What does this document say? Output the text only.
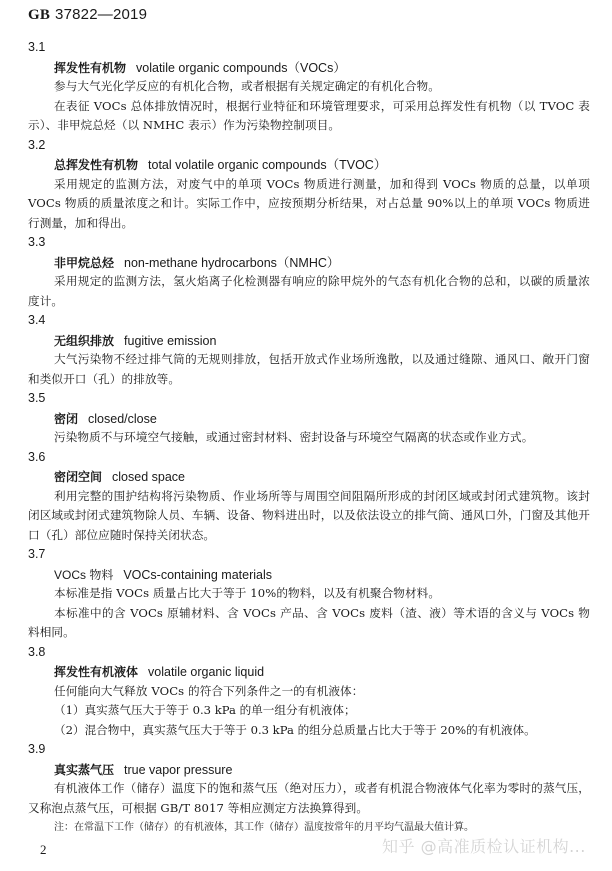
GB 37822—2019
3.1
挥发性有机物 volatile organic compounds（VOCs）
参与大气光化学反应的有机化合物，或者根据有关规定确定的有机化合物。
在表征 VOCs 总体排放情况时，根据行业特征和环境管理要求，可采用总挥发性有机物（以 TVOC 表示）、非甲烷总烃（以 NMHC 表示）作为污染物控制项目。
3.2
总挥发性有机物 total volatile organic compounds（TVOC）
采用规定的监测方法，对废气中的单项 VOCs 物质进行测量，加和得到 VOCs 物质的总量，以单项 VOCs 物质的质量浓度之和计。实际工作中，应按预期分析结果，对占总量 90%以上的单项 VOCs 物质进行测量，加和得出。
3.3
非甲烷总烃 non-methane hydrocarbons（NMHC）
采用规定的监测方法，氢火焰离子化检测器有响应的除甲烷外的气态有机化合物的总和，以碳的质量浓度计。
3.4
无组织排放 fugitive emission
大气污染物不经过排气筒的无规则排放，包括开放式作业场所逸散，以及通过缝隙、通风口、敞开门窗和类似开口（孔）的排放等。
3.5
密闭 closed/close
污染物质不与环境空气接触，或通过密封材料、密封设备与环境空气隔离的状态或作业方式。
3.6
密闭空间 closed space
利用完整的围护结构将污染物质、作业场所等与周围空间阻隔所形成的封闭区域或封闭式建筑物。该封闭区域或封闭式建筑物除人员、车辆、设备、物料进出时，以及依法设立的排气筒、通风口外，门窗及其他开口（孔）部位应随时保持关闭状态。
3.7
VOCs 物料 VOCs-containing materials
本标准是指 VOCs 质量占比大于等于 10%的物料，以及有机聚合物材料。
本标准中的含 VOCs 原辅材料、含 VOCs 产品、含 VOCs 废料（渣、液）等术语的含义与 VOCs 物料相同。
3.8
挥发性有机液体 volatile organic liquid
任何能向大气释放 VOCs 的符合下列条件之一的有机液体：
（1）真实蒸气压大于等于 0.3 kPa 的单一组分有机液体；
（2）混合物中，真实蒸气压大于等于 0.3 kPa 的组分总质量占比大于等于 20%的有机液体。
3.9
真实蒸气压 true vapor pressure
有机液体工作（储存）温度下的饱和蒸气压（绝对压力），或者有机混合物液体气化率为零时的蒸气压，又称泡点蒸气压，可根据 GB/T 8017 等相应测定方法换算得到。
注：在常温下工作（储存）的有机液体，其工作（储存）温度按常年的月平均气温最大值计算。
2	知乎 @高准质检认证机构...
